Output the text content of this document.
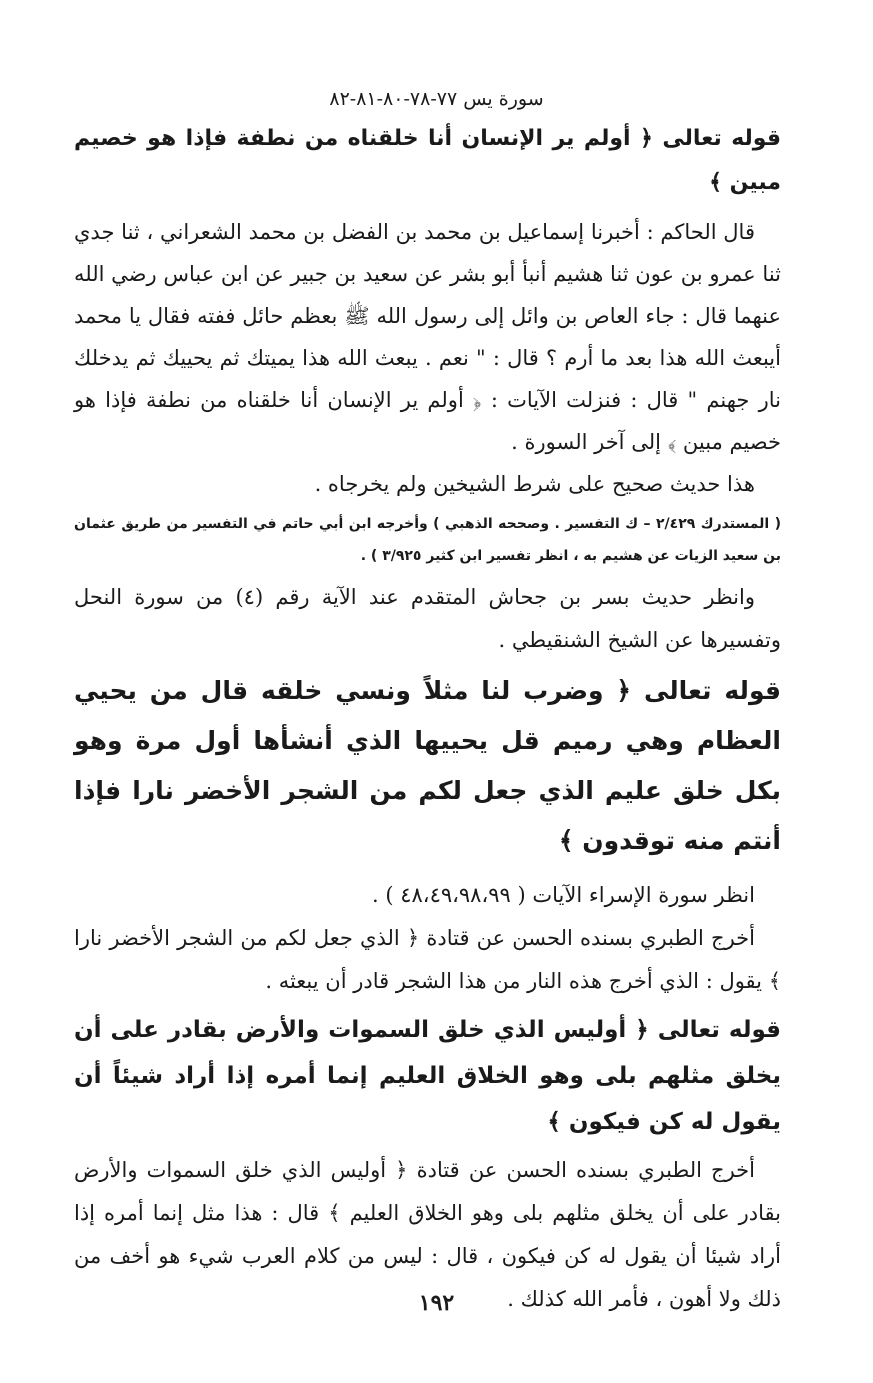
سورة يس ٧٧-٧٨-٨٠-٨١-٨٢
قوله تعالى ﴿ أولم ير الإنسان أنا خلقناه من نطفة فإذا هو خصيم مبين ﴾

قال الحاكم : أخبرنا إسماعيل بن محمد بن الفضل بن محمد الشعراني ، ثنا جدي ثنا عمرو بن عون ثنا هشيم أنبأ أبو بشر عن سعيد بن جبير عن ابن عباس رضي الله عنهما قال : جاء العاص بن وائل إلى رسول الله ﷺ بعظم حائل ففته فقال يا محمد أيبعث الله هذا بعد ما أرم ؟ قال : " نعم . يبعث الله هذا يميتك ثم يحييك ثم يدخلك نار جهنم " قال : فنزلت الآيات : ﴿ أولم ير الإنسان أنا خلقناه من نطفة فإذا هو خصيم مبين ﴾ إلى آخر السورة .

هذا حديث صحيح على شرط الشيخين ولم يخرجاه .

( المستدرك ٢/٤٢٩ – ك التفسير . وصححه الذهبي ) وأخرجه ابن أبي حاتم في التفسير من طريق عثمان بن سعيد الزيات عن هشيم به ، انظر تفسير ابن كثير ٣/٩٢٥ ) .

وانظر حديث بسر بن جحاش المتقدم عند الآية رقم (٤) من سورة النحل وتفسيرها عن الشيخ الشنقيطي .

قوله تعالى ﴿ وضرب لنا مثلاً ونسي خلقه قال من يحيي العظام وهي رميم قل يحييها الذي أنشأها أول مرة وهو بكل خلق عليم الذي جعل لكم من الشجر الأخضر نارا فإذا أنتم منه توقدون ﴾

انظر سورة الإسراء الآيات ( ٤٨،٤٩،٩٨،٩٩ ) .

أخرج الطبري بسنده الحسن عن قتادة ﴿ الذي جعل لكم من الشجر الأخضر نارا ﴾ يقول : الذي أخرج هذه النار من هذا الشجر قادر أن يبعثه .

قوله تعالى ﴿ أوليس الذي خلق السموات والأرض بقادر على أن يخلق مثلهم بلى وهو الخلاق العليم إنما أمره إذا أراد شيئاً أن يقول له كن فيكون ﴾

أخرج الطبري بسنده الحسن عن قتادة ﴿ أوليس الذي خلق السموات والأرض بقادر على أن يخلق مثلهم بلى وهو الخلاق العليم ﴾ قال : هذا مثل إنما أمره إذا أراد شيئا أن يقول له كن فيكون ، قال : ليس من كلام العرب شيء هو أخف من ذلك ولا أهون ، فأمر الله كذلك .

١٩٢
